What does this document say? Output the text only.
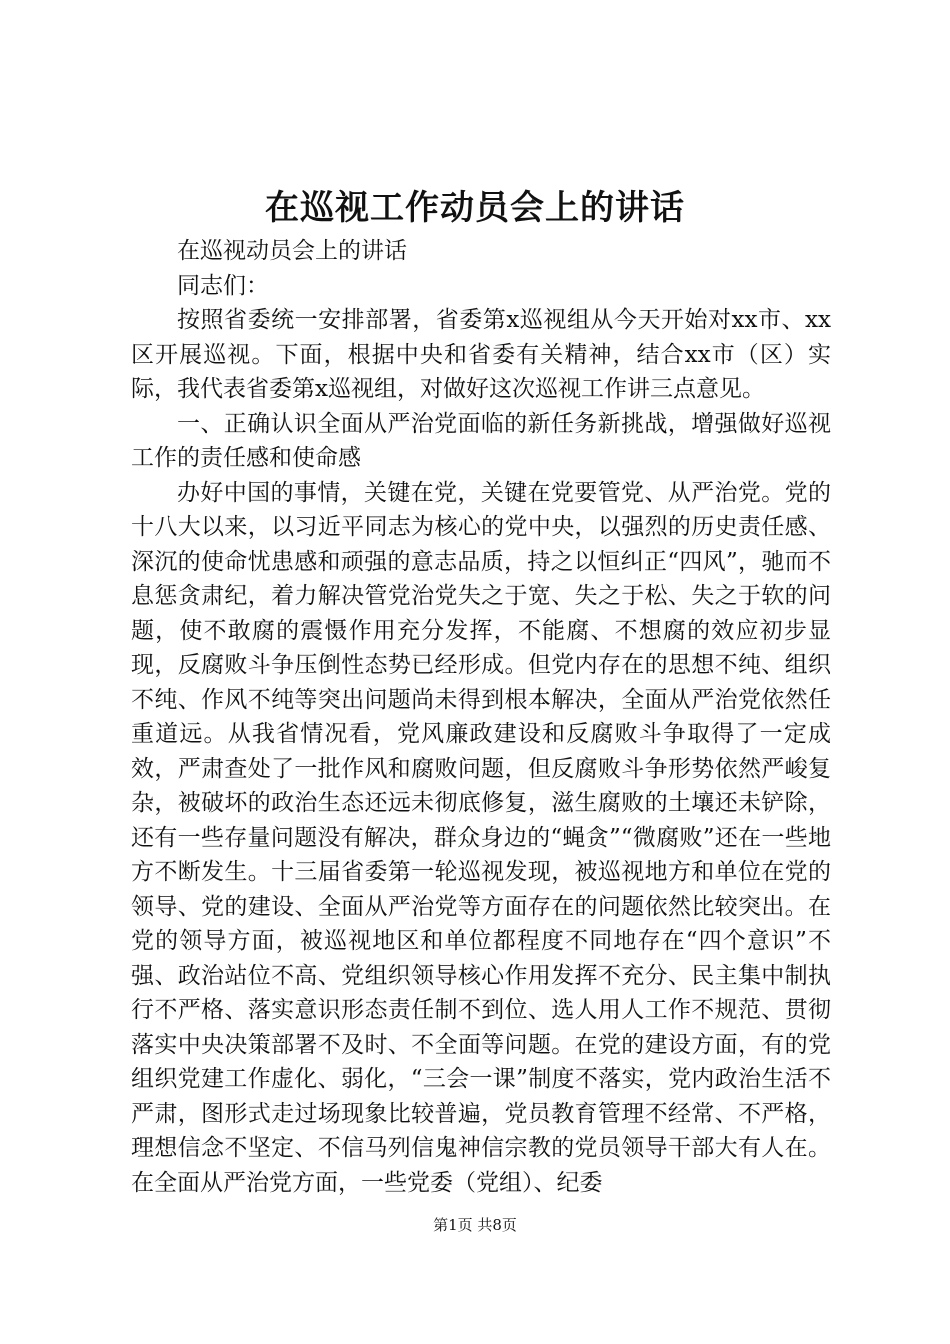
在巡视工作动员会上的讲话

在巡视动员会上的讲话

同志们：

按照省委统一安排部署，省委第x巡视组从今天开始对xx市、xx区开展巡视。下面，根据中央和省委有关精神，结合xx市（区）实际，我代表省委第x巡视组，对做好这次巡视工作讲三点意见。

一、正确认识全面从严治党面临的新任务新挑战，增强做好巡视工作的责任感和使命感

办好中国的事情，关键在党，关键在党要管党、从严治党。党的十八大以来，以习近平同志为核心的党中央，以强烈的历史责任感、深沉的使命忧患感和顽强的意志品质，持之以恒纠正“四风”，驰而不息惩贪肃纪，着力解决管党治党失之于宽、失之于松、失之于软的问题，使不敢腐的震慑作用充分发挥，不能腐、不想腐的效应初步显现，反腐败斗争压倒性态势已经形成。但党内存在的思想不纯、组织不纯、作风不纯等突出问题尚未得到根本解决，全面从严治党依然任重道远。从我省情况看，党风廉政建设和反腐败斗争取得了一定成效，严肃查处了一批作风和腐败问题，但反腐败斗争形势依然严峻复杂，被破坏的政治生态还远未彻底修复，滋生腐败的土壤还未铲除，还有一些存量问题没有解决，群众身边的“蝇贪”“微腐败”还在一些地方不断发生。十三届省委第一轮巡视发现，被巡视地方和单位在党的领导、党的建设、全面从严治党等方面存在的问题依然比较突出。在党的领导方面，被巡视地区和单位都程度不同地存在“四个意识”不强、政治站位不高、党组织领导核心作用发挥不充分、民主集中制执行不严格、落实意识形态责任制不到位、选人用人工作不规范、贯彻落实中央决策部署不及时、不全面等问题。在党的建设方面，有的党组织党建工作虚化、弱化，“三会一课”制度不落实，党内政治生活不严肃，图形式走过场现象比较普遍，党员教育管理不经常、不严格，理想信念不坚定、不信马列信鬼神信宗教的党员领导干部大有人在。在全面从严治党方面，一些党委（党组）、纪委

第1页 共8页
